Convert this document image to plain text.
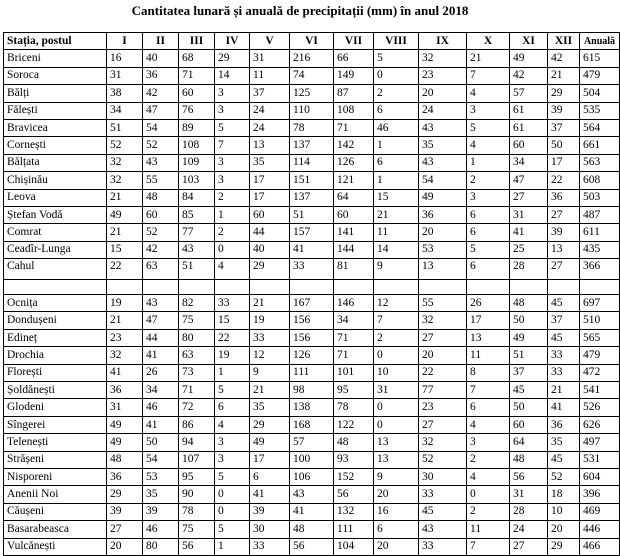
Cantitatea lunară și anuală de precipitații (mm) în anul 2018
Stația, postul	I	II	III	IV	V	VI	VII	VIII	IX	X	XI	XII	Anuală
Briceni	16	40	68	29	31	216	66	5	32	21	49	42	615
Soroca	31	36	71	14	11	74	149	0	23	7	42	21	479
Bălți	38	42	60	3	37	125	87	2	20	4	57	29	504
Fălești	34	47	76	3	24	110	108	6	24	3	61	39	535
Bravicea	51	54	89	5	24	78	71	46	43	5	61	37	564
Cornești	52	52	108	7	13	137	142	1	35	4	60	50	661
Bălțata	32	43	109	3	35	114	126	6	43	1	34	17	563
Chișinău	32	55	103	3	17	151	121	1	54	2	47	22	608
Leova	21	48	84	2	17	137	64	15	49	3	27	36	503
Ștefan Vodă	49	60	85	1	60	51	60	21	36	6	31	27	487
Comrat	21	52	77	2	44	157	141	11	20	6	41	39	611
Ceadîr-Lunga	15	42	43	0	40	41	144	14	53	5	25	13	435
Cahul	22	63	51	4	29	33	81	9	13	6	28	27	366

Ocnița	19	43	82	33	21	167	146	12	55	26	48	45	697
Dondușeni	21	47	75	15	19	156	34	7	32	17	50	37	510
Edineț	23	44	80	22	33	156	71	2	27	13	49	45	565
Drochia	32	41	63	19	12	126	71	0	20	11	51	33	479
Florești	41	26	73	1	9	111	101	10	22	8	37	33	472
Șoldănești	36	34	71	5	21	98	95	31	77	7	45	21	541
Glodeni	31	46	72	6	35	138	78	0	23	6	50	41	526
Sîngerei	49	41	86	4	29	168	122	0	27	4	60	36	626
Telenești	49	50	94	3	49	57	48	13	32	3	64	35	497
Strășeni	48	54	107	3	17	100	93	13	52	2	48	45	531
Nisporeni	36	53	95	5	6	106	152	9	30	4	56	52	604
Anenii Noi	29	35	90	0	41	43	56	20	33	0	31	18	396
Căușeni	39	39	78	0	39	41	132	16	45	2	28	10	469
Basarabeasca	27	46	75	5	30	48	111	6	43	11	24	20	446
Vulcănești	20	80	56	1	33	56	104	20	33	7	27	29	466
